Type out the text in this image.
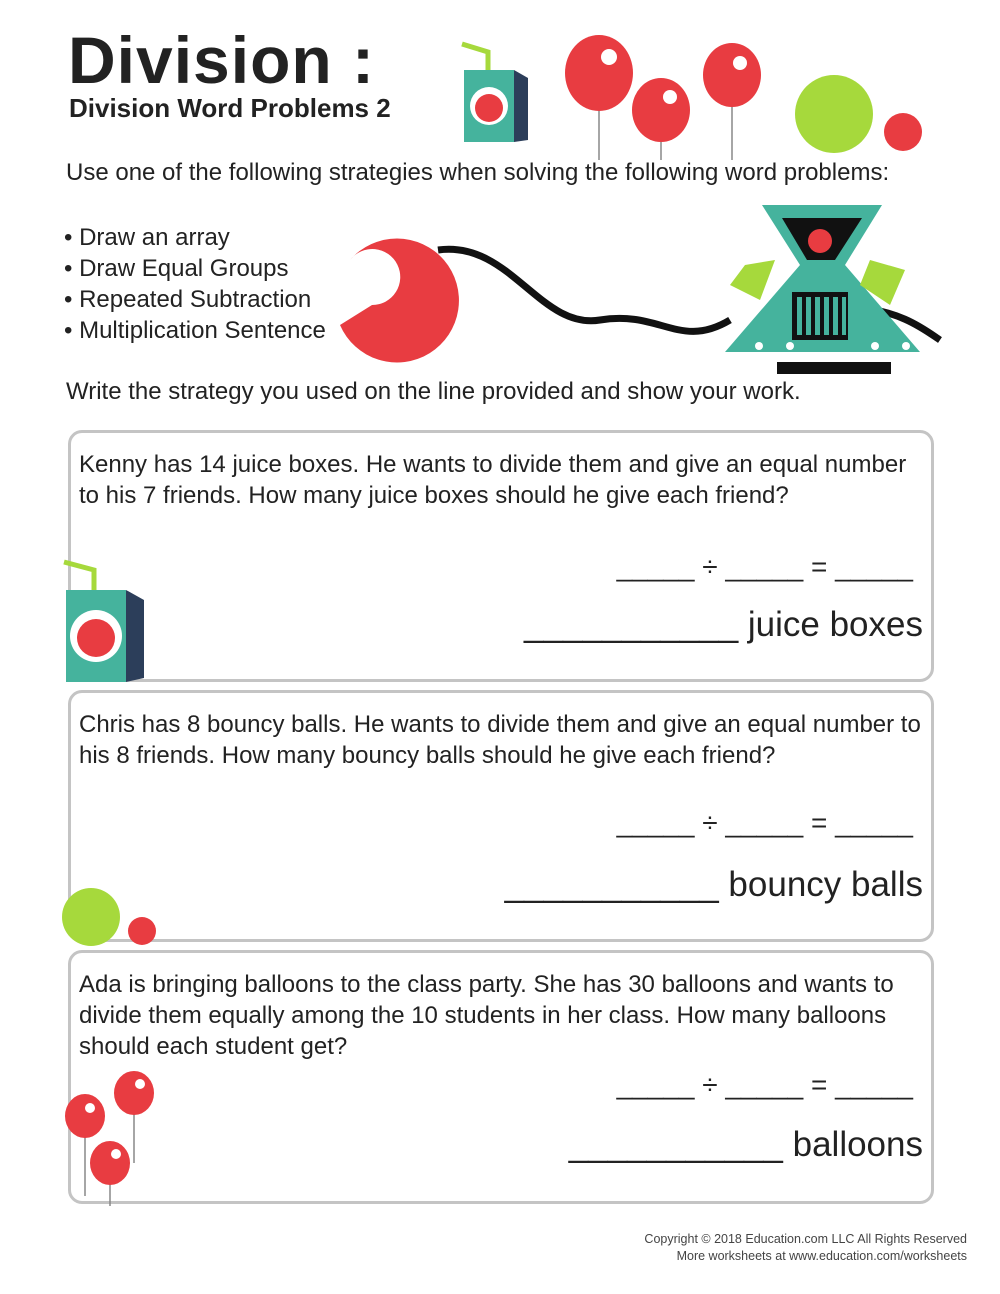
Division :
Division Word Problems 2
Use one of the following strategies when solving the following word problems:
• Draw an array
• Draw Equal Groups
• Repeated Subtraction
• Multiplication Sentence
Write the strategy you used on the line provided and show your work.
Kenny has 14 juice boxes. He wants to divide them and give an equal number to his 7 friends. How many juice boxes should he give each friend?
_____ ÷ _____ = _____
___________ juice boxes
Chris has 8 bouncy balls. He wants to divide them and give an equal number to his 8 friends. How many bouncy balls should he give each friend?
_____ ÷ _____ = _____
___________ bouncy balls
Ada is bringing balloons to the class party. She has 30 balloons and wants to divide them equally among the 10 students in her class. How many balloons should each student get?
_____ ÷ _____ = _____
___________ balloons
Copyright © 2018 Education.com LLC All Rights Reserved
More worksheets at www.education.com/worksheets
